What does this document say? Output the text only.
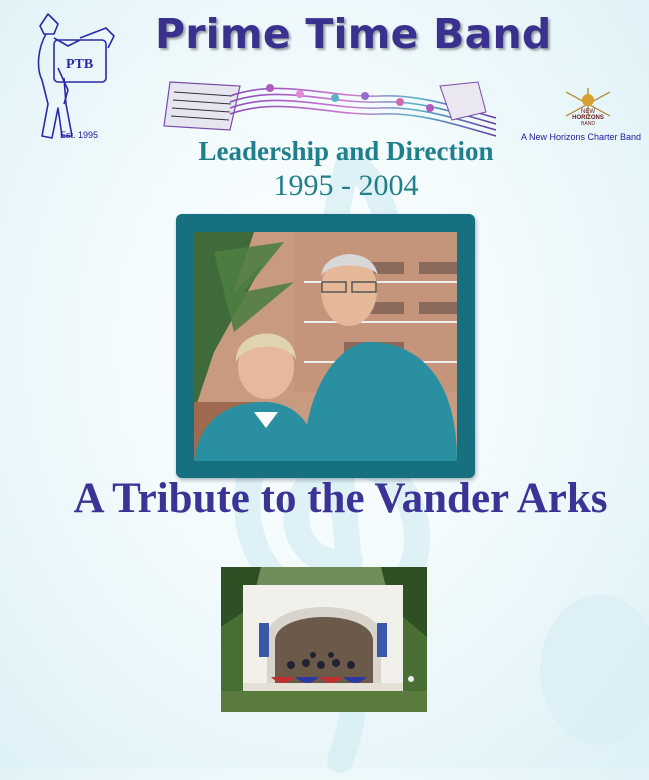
PTB
Est. 1995
Prime Time Band
NEW
HORIZONS
BAND
A New Horizons Charter Band
Leadership and Direction
1995 - 2004
A Tribute to the Vander Arks
